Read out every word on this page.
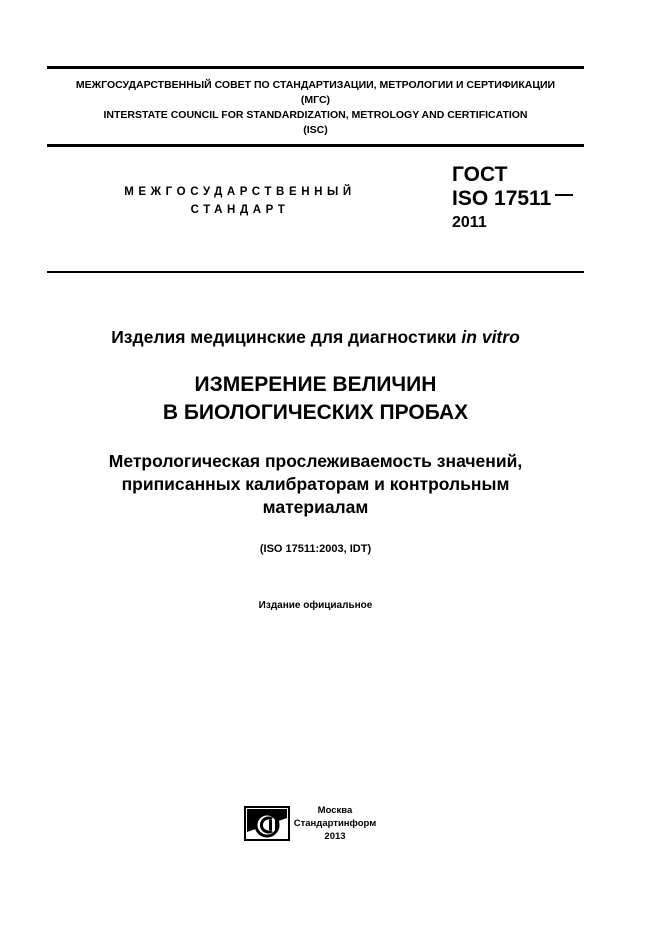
МЕЖГОСУДАРСТВЕННЫЙ СОВЕТ ПО СТАНДАРТИЗАЦИИ, МЕТРОЛОГИИ И СЕРТИФИКАЦИИ
(МГС)
INTERSTATE COUNCIL FOR STANDARDIZATION, METROLOGY AND CERTIFICATION
(ISC)
МЕЖГОСУДАРСТВЕННЫЙ
СТАНДАРТ
ГОСТ
ISO 17511
2011
Изделия медицинские для диагностики in vitro
ИЗМЕРЕНИЕ ВЕЛИЧИН
В БИОЛОГИЧЕСКИХ ПРОБАХ
Метрологическая прослеживаемость значений,
приписанных калибраторам и контрольным
материалам
(ISO 17511:2003, IDT)
Издание официальное
Москва
Стандартинформ
2013
